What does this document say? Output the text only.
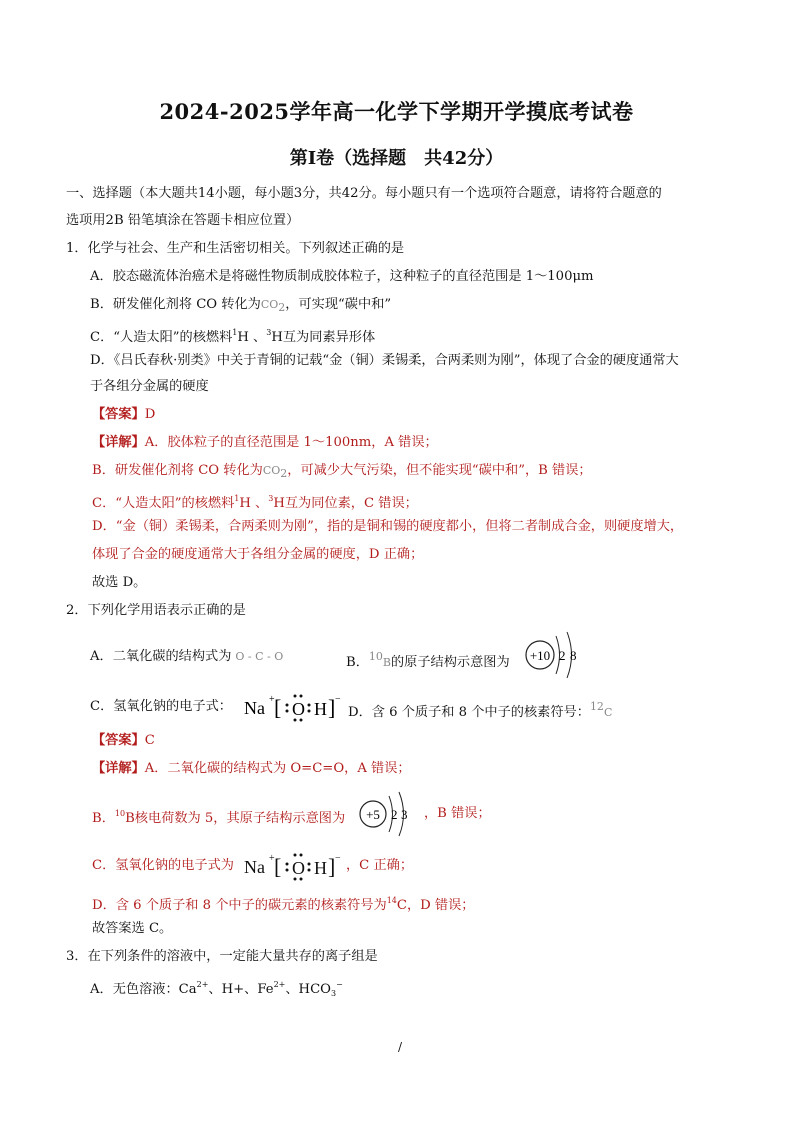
2024-2025学年高一化学下学期开学摸底考试卷
第Ⅰ卷（选择题　共42分）
一、选择题（本大题共14小题，每小题3分，共42分。每小题只有一个选项符合题意，请将符合题意的
选项用2B 铅笔填涂在答题卡相应位置）
1．化学与社会、生产和生活密切相关。下列叙述正确的是
A．胶态磁流体治癌术是将磁性物质制成胶体粒子，这种粒子的直径范围是 1～100μm
B．研发催化剂将 CO 转化为$CO_2$，可实现“碳中和”
C．“人造太阳”的核燃料$^1$H 、$^3$H互为同素异形体
D．《吕氏春秋·别类》中关于青铜的记载“金（铜）柔锡柔，合两柔则为刚”，体现了合金的硬度通常大
于各组分金属的硬度
【答案】D
【详解】A．胶体粒子的直径范围是 1～100nm，A 错误；
B．研发催化剂将 CO 转化为$CO_2$，可减少大气污染，但不能实现“碳中和”，B 错误；
C．“人造太阳”的核燃料$^1$H 、$^3$H互为同位素，C 错误；
D．“金（铜）柔锡柔，合两柔则为刚”，指的是铜和锡的硬度都小，但将二者制成合金，则硬度增大，
体现了合金的硬度通常大于各组分金属的硬度，D 正确；
故选 D。
2．下列化学用语表示正确的是
A．二氧化碳的结构式为 O - C - O	B．$^{10}$B的原子结构示意图为 +10 2 8
C．氢氧化钠的电子式： Na + [ O H ] −
D．含 6 个质子和 8 个中子的核素符号：$^{12}$C
【答案】C
【详解】A．二氧化碳的结构式为 O=C=O，A 错误；
B．$^{10}$B核电荷数为 5，其原子结构示意图为 +5 2 3 ，B 错误；
C．氢氧化钠的电子式为 Na + [ O H ] − ，C 正确；
D．含 6 个质子和 8 个中子的碳元素的核素符号为$^{14}$C，D 错误；
故答案选 C。
3．在下列条件的溶液中，一定能大量共存的离子组是
A．无色溶液：$Ca^{2+}$、H+、$Fe^{2+}$、$HCO_3^-$
/
